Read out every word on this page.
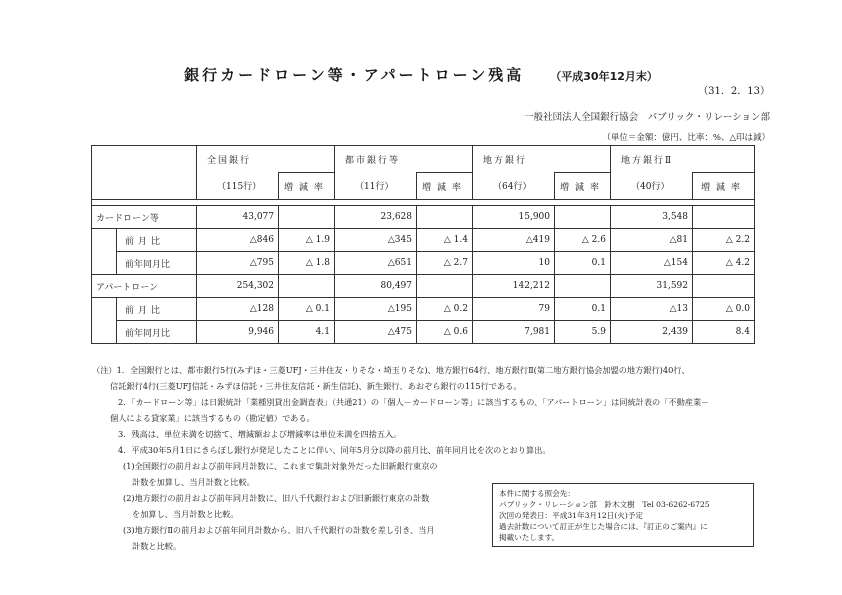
銀行カードローン等・アパートローン残高 （平成30年12月末）
（31．2．13）
一般社団法人全国銀行協会　パブリック・リレーション部
（単位＝金額：億円、比率：%、△印は減）
		全国銀行		都市銀行等		地方銀行		地方銀行Ⅱ	
		（115行）	増減率	（11行）	増減率	（64行）	増減率	（40行）	増減率

カードローン等		43,077		23,628		15,900		3,548	
	前月比	△846	△ 1.9	△345	△ 1.4	△419	△ 2.6	△81	△ 2.2
	前年同月比	△795	△ 1.8	△651	△ 2.7	10	0.1	△154	△ 4.2
アパートローン		254,302		80,497		142,212		31,592	
	前月比	△128	△ 0.1	△195	△ 0.2	79	0.1	△13	△ 0.0
	前年同月比	9,946	4.1	△475	△ 0.6	7,981	5.9	2,439	8.4
（注）1．全国銀行とは、都市銀行5行(みずほ・三菱UFJ・三井住友・りそな・埼玉りそな)、地方銀行64行、地方銀行Ⅱ(第二地方銀行協会加盟の地方銀行)40行、
信託銀行4行(三菱UFJ信託・みずほ信託・三井住友信託・新生信託)、新生銀行、あおぞら銀行の115行である。
2．「カードローン等」は日銀統計「業種別貸出金調査表」（共通21）の「個人－カードローン等」に該当するもの、「アパートローン」は同統計表の「不動産業－
個人による貸家業」に該当するもの（勘定値）である。
3．残高は、単位未満を切捨て、増減額および増減率は単位未満を四捨五入。
4．平成30年5月1日にきらぼし銀行が発足したことに伴い、同年5月分以降の前月比、前年同月比を次のとおり算出。
(1)全国銀行の前月および前年同月計数に、これまで集計対象外だった旧新銀行東京の
計数を加算し、当月計数と比較。
(2)地方銀行の前月および前年同月計数に、旧八千代銀行および旧新銀行東京の計数
を加算し、当月計数と比較。
(3)地方銀行Ⅱの前月および前年同月計数から、旧八千代銀行の計数を差し引き、当月
計数と比較。
本件に関する照会先：
パブリック・リレーション部　鈴木文樹　Tel 03-6262-6725
次回の発表日：平成31年3月12日(火)予定
過去計数について訂正が生じた場合には、『訂正のご案内』に
掲載いたします。
